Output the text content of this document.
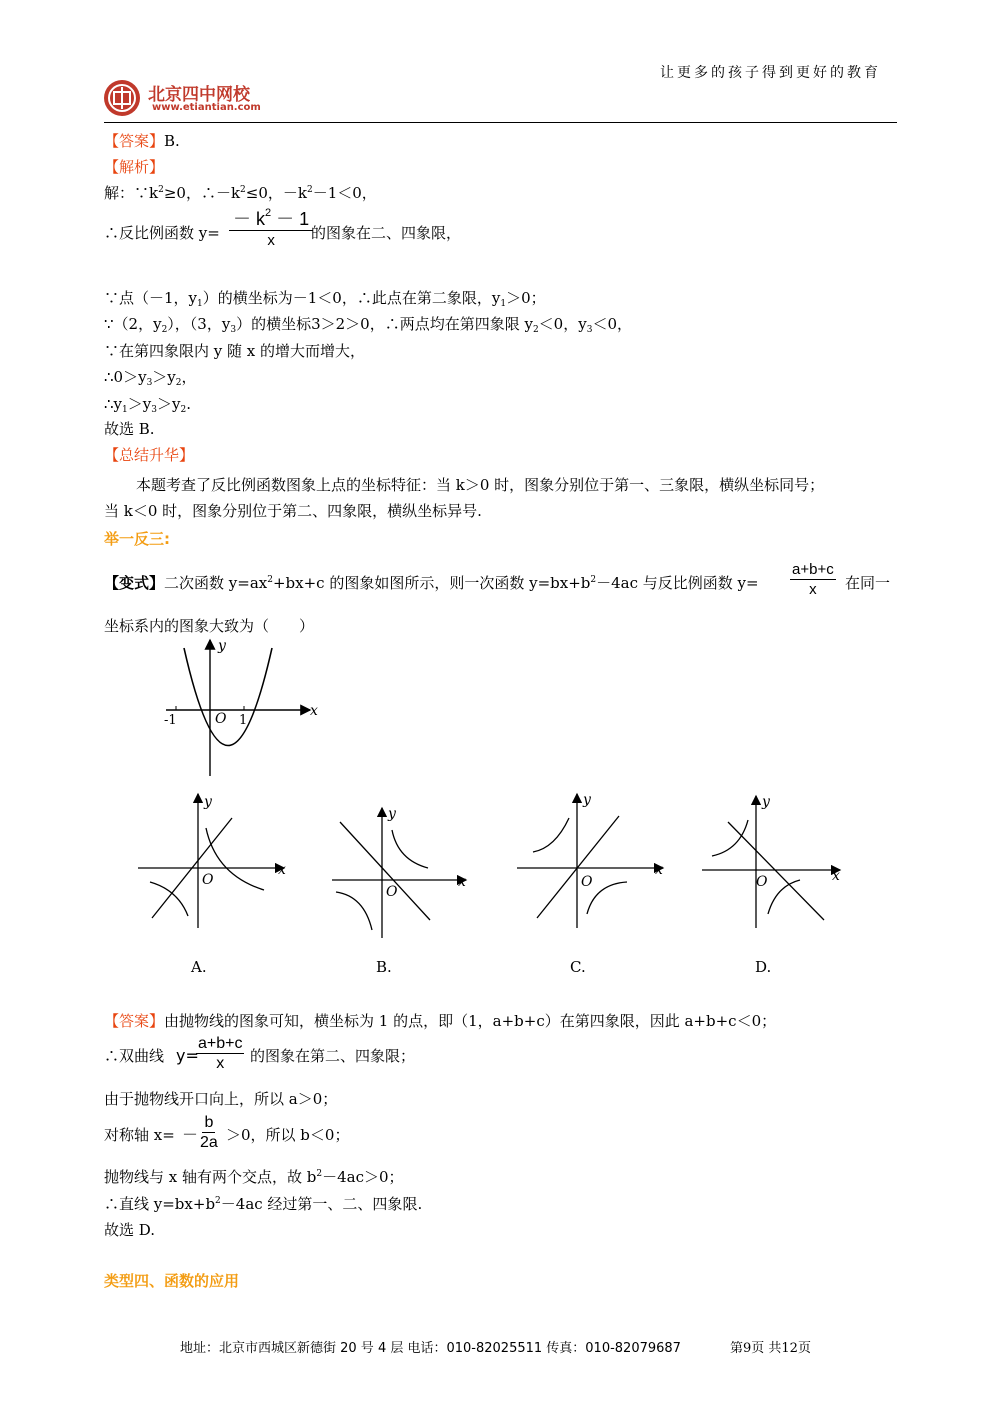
让更多的孩子得到更好的教育
北京四中网校
www.etiantian.com
【答案】B.
【解析】
解：$\because k^2\ge 0$，$\therefore-k^2\le 0$，$-k^2-1<0$，
∴反比例函数 y=
－ $k^2 - 1$
x 的图象在二、四象限，
∵点（－1，$y_1$）的横坐标为－1＜0，∴此点在第二象限，$y_1>0$；
∵（2，$y_2$），（3，$y_3$）的横坐标3＞2＞0，∴两点均在第四象限 $y_2<0$，$y_3<0$，
∵在第四象限内 y 随 x 的增大而增大，
$\therefore 0>y_3>y_2$，
$\therefore y_1>y_3>y_2$.
故选 B.
【总结升华】
本题考查了反比例函数图象上点的坐标特征：当 k＞0 时，图象分别位于第一、三象限，横纵坐标同号；
当 k＜0 时，图象分别位于第二、四象限，横纵坐标异号.
举一反三:
【变式】二次函数 $y=ax^2+bx+c$ 的图象如图所示，则一次函数 $y=bx+b^2-4ac$ 与反比例函数 $y= \frac{a+b+c}{x}$ 在同一
坐标系内的图象大致为（　　）
y
x
O
-1	1
y
x
O
y
x
O
y
x
O
y
x
O
A.	B.	C.	D.
【答案】由抛物线的图象可知，横坐标为 1 的点，即（1，a+b+c）在第四象限，因此 a+b+c＜0；
∴双曲线 y=
$\frac{a+b+c}{x}$ 的图象在第二、四象限；
由于抛物线开口向上，所以 a＞0；
对称轴 $x= - \frac{b}{2a} >0$，所以 b＜0；
抛物线与 x 轴有两个交点，故 $b^2-4ac>0$；
∴直线 $y=bx+b^2-4ac$ 经过第一、二、四象限.
故选 D.
类型四、函数的应用
地址：北京市西城区新德街 20 号 4 层 电话：010-82025511 传真：010-82079687	第9页 共12页
